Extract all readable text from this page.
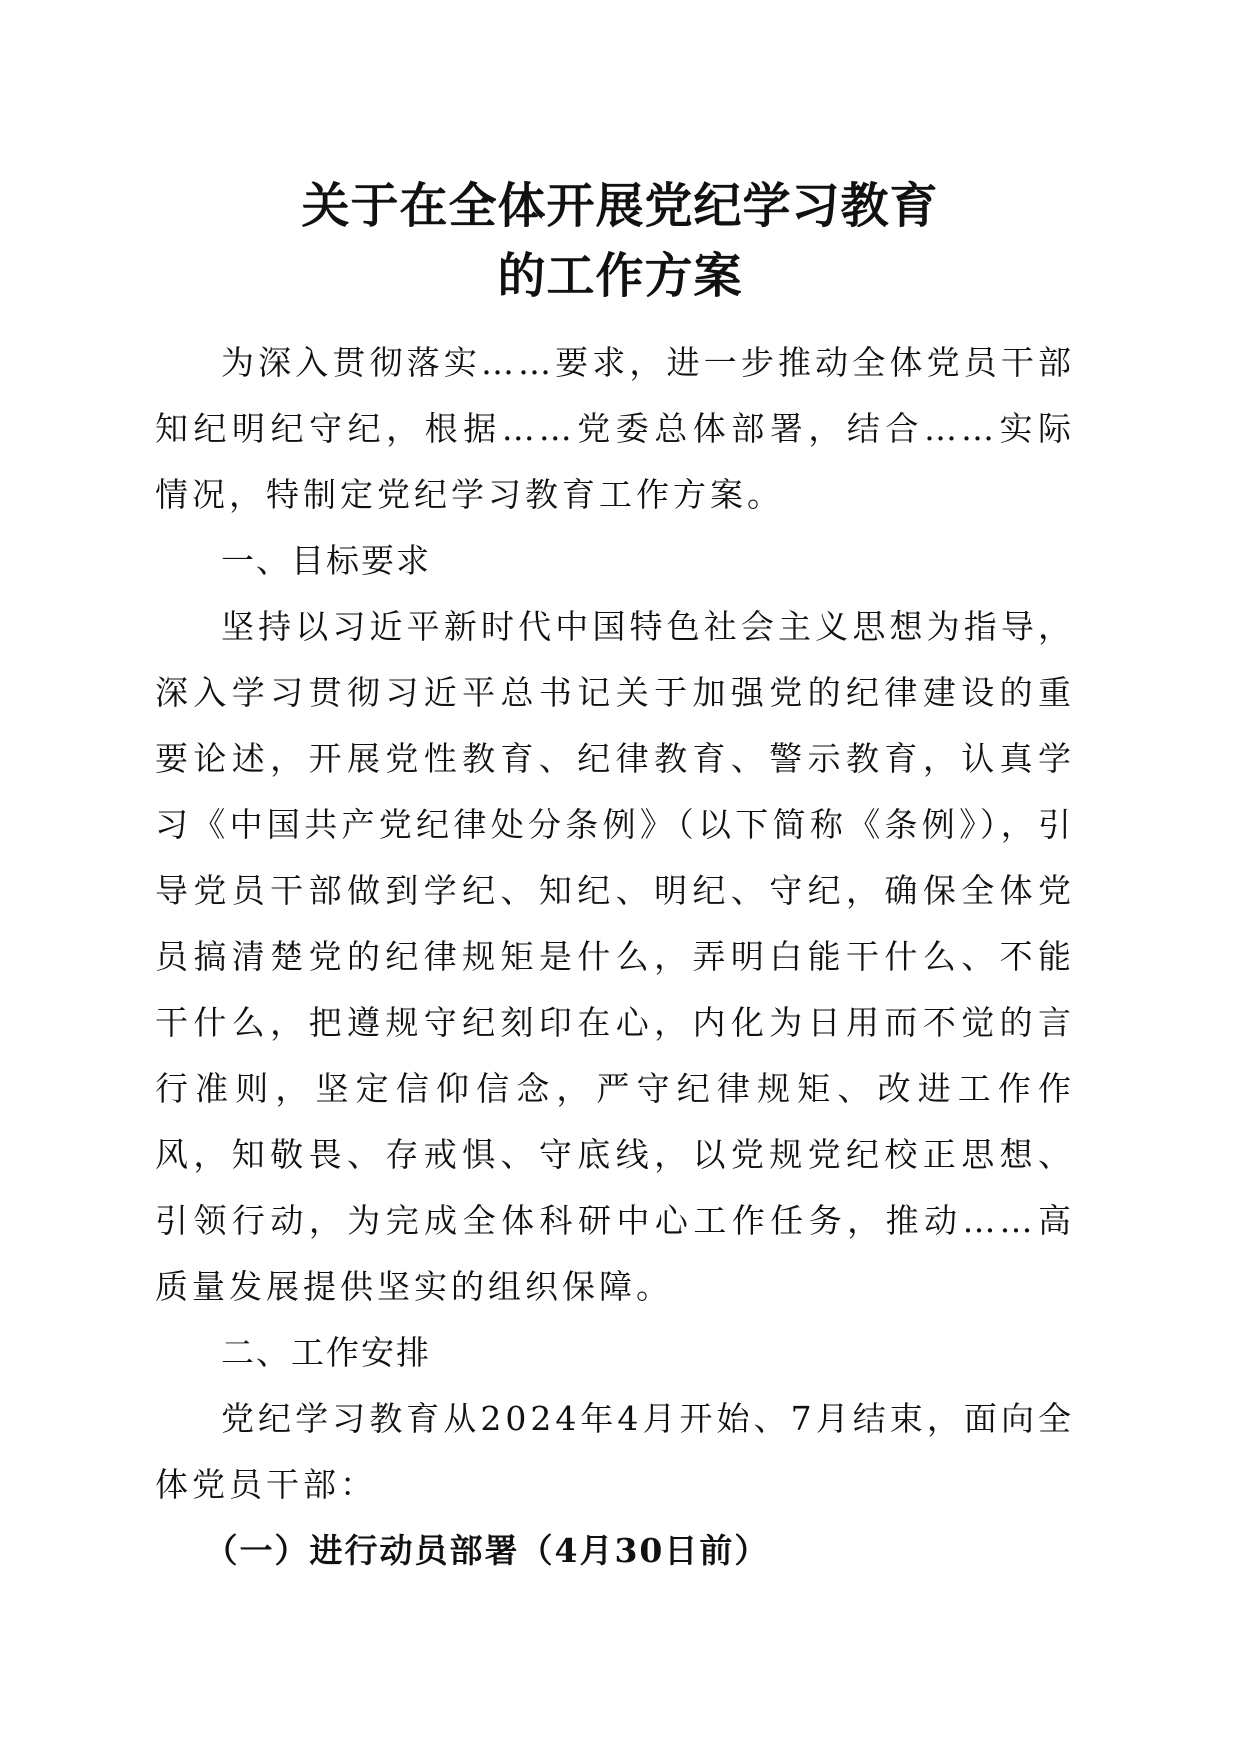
关于在全体开展党纪学习教育
的工作方案

为深入贯彻落实……要求，进一步推动全体党员干部知纪明纪守纪，根据……党委总体部署，结合……实际情况，特制定党纪学习教育工作方案。

一、目标要求

坚持以习近平新时代中国特色社会主义思想为指导，深入学习贯彻习近平总书记关于加强党的纪律建设的重要论述，开展党性教育、纪律教育、警示教育，认真学习《中国共产党纪律处分条例》（以下简称《条例》），引导党员干部做到学纪、知纪、明纪、守纪，确保全体党员搞清楚党的纪律规矩是什么，弄明白能干什么、不能干什么，把遵规守纪刻印在心，内化为日用而不觉的言行准则，坚定信仰信念，严守纪律规矩、改进工作作风，知敬畏、存戒惧、守底线，以党规党纪校正思想、引领行动，为完成全体科研中心工作任务，推动……高质量发展提供坚实的组织保障。

二、工作安排

党纪学习教育从2024年4月开始、7月结束，面向全体党员干部：

（一）进行动员部署（4月30日前）
